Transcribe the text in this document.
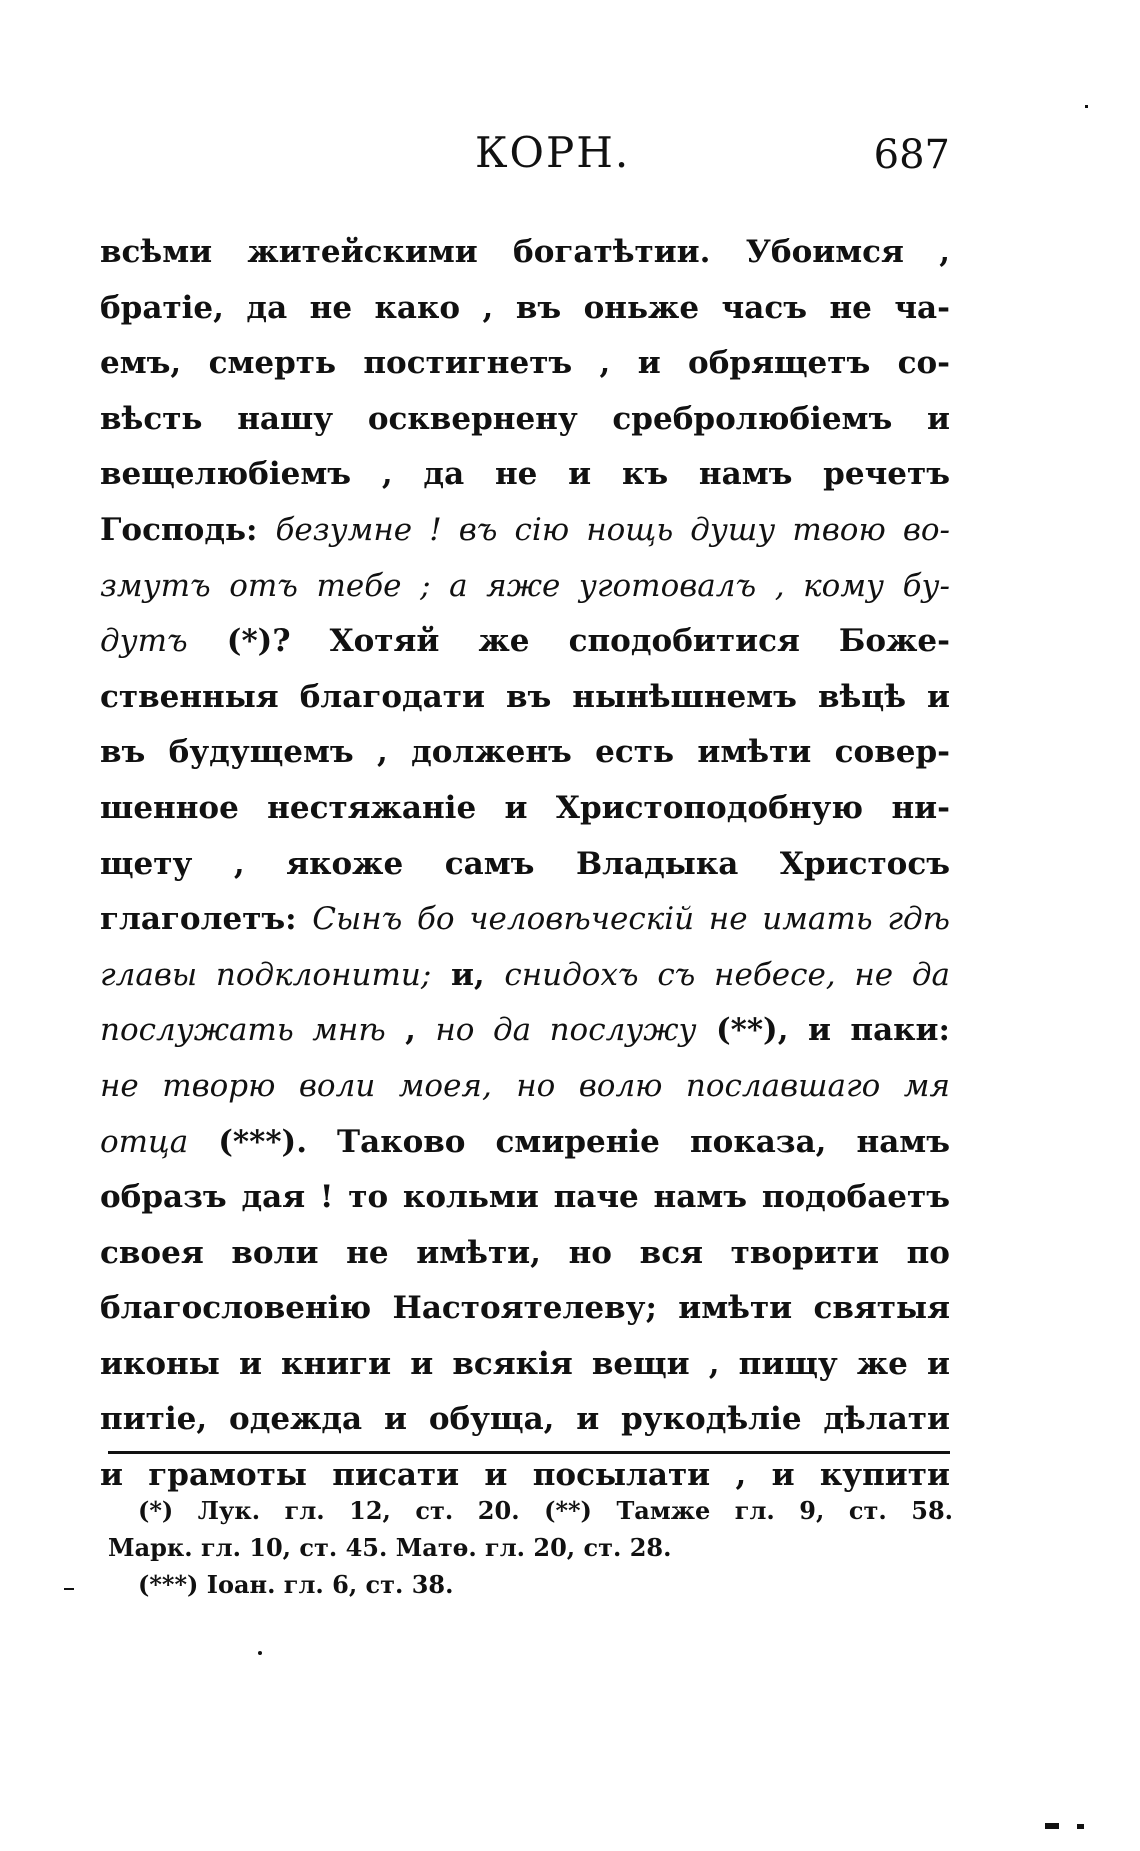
КОРН.	687
всѣми житейскими богатѣтии. Убоимся ,
братіе, да не како , въ оньже часъ не ча-
емъ, смерть постигнетъ , и обрящетъ со-
вѣсть нашу осквернену сребролюбіемъ и
вещелюбіемъ , да не и къ намъ речетъ
Господь: безумне ! въ сію нощь душу твою во-
змутъ отъ тебе ; а яже уготовалъ , кому бу-
дутъ (*)? Хотяй же сподобитися Боже-
ственныя благодати въ нынѣшнемъ вѣцѣ и
въ будущемъ , долженъ есть имѣти совер-
шенное нестяжаніе и Христоподобную ни-
щету , якоже самъ Владыка Христосъ
глаголетъ: Сынъ бо человѣческій не имать гдѣ
главы подклонити; и, снидохъ съ небесе, не да
послужать мнѣ , но да послужу (**), и паки:
не творю воли моея, но волю пославшаго мя
отца (***). Таково смиреніе показа, намъ
образъ дая ! то кольми паче намъ подобаетъ
своея воли не имѣти, но вся творити по
благословенію Настоятелеву; имѣти святыя
иконы и книги и всякія вещи , пищу же и
питіе, одежда и обуща, и рукодѣліе дѣлати
и грамоты писати и посылати , и купити
(*) Лук. гл. 12, ст. 20. (**) Тамже гл. 9, ст. 58.
Марк. гл. 10, ст. 45. Матѳ. гл. 20, ст. 28.
(***) Іоан. гл. 6, ст. 38.
